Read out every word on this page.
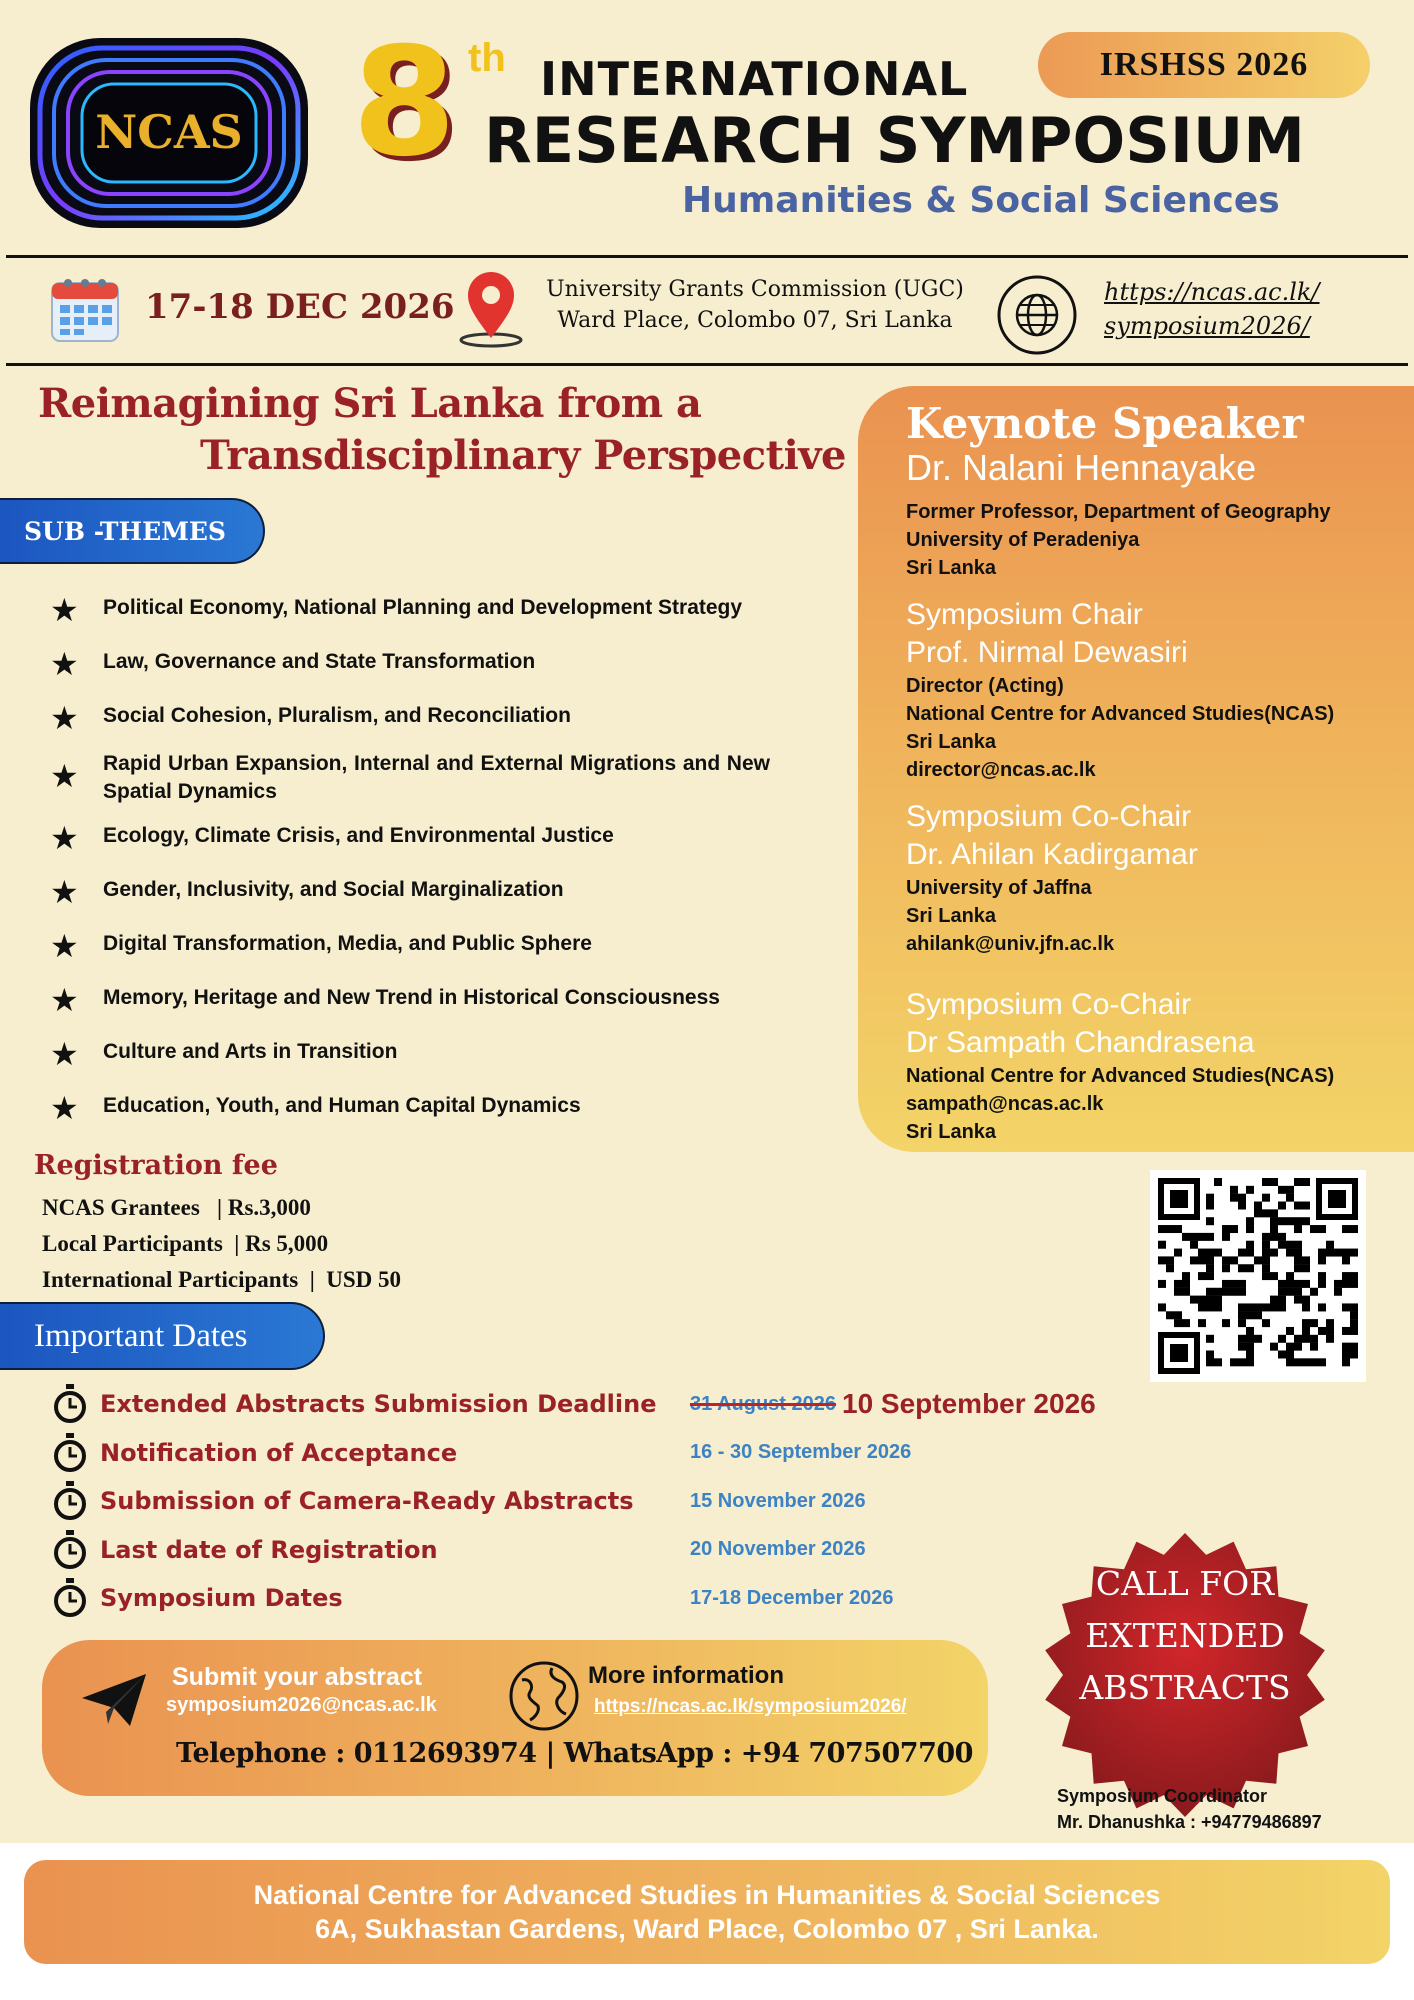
NCAS 8 th INTERNATIONAL
RESEARCH SYMPOSIUM
Humanities & Social Sciences
IRSHSS 2026
17-18 DEC 2026	University Grants Commission (UGC)
Ward Place, Colombo 07, Sri Lanka
https://ncas.ac.lk/
symposium2026/
Reimagining Sri Lanka from a
Transdisciplinary Perspective
SUB -THEMES
★	Political Economy, National Planning and Development Strategy
★	Law, Governance and State Transformation
★	Social Cohesion, Pluralism, and Reconciliation
★	Rapid Urban Expansion, Internal and External Migrations and New Spatial Dynamics
★	Ecology, Climate Crisis, and Environmental Justice
★	Gender, Inclusivity, and Social Marginalization
★	Digital Transformation, Media, and Public Sphere
★	Memory, Heritage and New Trend in Historical Consciousness
★	Culture and Arts in Transition
★	Education, Youth, and Human Capital Dynamics
Keynote Speaker
Dr. Nalani Hennayake
Former Professor, Department of Geography
University of Peradeniya
Sri Lanka
Symposium Chair
Prof. Nirmal Dewasiri
Director (Acting)
National Centre for Advanced Studies(NCAS)
Sri Lanka
director@ncas.ac.lk
Symposium Co-Chair
Dr. Ahilan Kadirgamar
University of Jaffna
Sri Lanka
ahilank@univ.jfn.ac.lk
Symposium Co-Chair
Dr Sampath Chandrasena
National Centre for Advanced Studies(NCAS)
sampath@ncas.ac.lk
Sri Lanka
Registration fee
NCAS Grantees   | Rs.3,000
Local Participants  | Rs 5,000
International Participants  |  USD 50
Important Dates
Extended Abstracts Submission Deadline	31 August 2026 10 September 2026
Notification of Acceptance	16 - 30 September 2026
Submission of Camera-Ready Abstracts	15 November 2026
Last date of Registration	20 November 2026
Symposium Dates	17-18 December 2026	CALL FOR
EXTENDED
ABSTRACTS
Symposium Coordinator
Mr. Dhanushka : +94779486897
Submit your abstract
symposium2026@ncas.ac.lk
More information
https://ncas.ac.lk/symposium2026/
Telephone : 0112693974 | WhatsApp : +94 707507700
National Centre for Advanced Studies in Humanities & Social Sciences
6A, Sukhastan Gardens, Ward Place, Colombo 07 , Sri Lanka.
